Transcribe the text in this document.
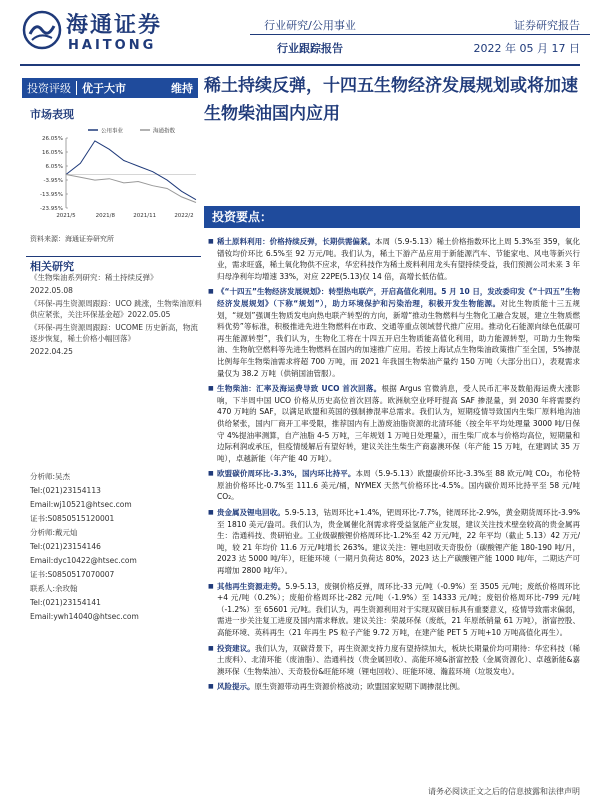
海通证券
HAITONG
行业研究/公用事业
行业跟踪报告
证券研究报告
2022 年 05 月 17 日
投资评级	优于大市	维持 稀土持续反弹，十四五生物经济发展规划或将加速生物柴油国内应用
市场表现
公用事业	海通指数
26.05%
16.05%
6.05%
-3.95%
-13.95%
-23.95%
2021/5	2021/8	2021/11	2022/2
资料来源：海通证券研究所
相关研究

《生物柴油系列研究：稀土持续反弹》

2022.05.08

《环保-再生资源周跟踪：UCO 跳涨，生物柴油原料供应紧张，关注环保基金超》2022.05.05

《环保-再生资源周跟踪：UCOME 历史新高，物流逐步恢复，稀土价格小幅回落》

2022.04.25

分析师:吴杰
Tel:(021)23154113
Email:wj10521@htsec.com
证书:S0850515120001
分析师:戴元灿
Tel:(021)23154146
Email:dyc10422@htsec.com
证书:S0850517070007
联系人:余玫翰
Tel:(021)23154141
Email:ywh14040@htsec.com
投资要点：
■ 稀土原料利用：价格持续反弹，长期供需偏紧。本周（5.9-5.13）稀土价格指数环比上周 5.3%至 359，氧化镨钕均价环比 6.5%至 92 万元/吨。我们认为，稀土下游产品应用于新能源汽车、节能家电、风电等新兴行业，需求旺盛，稀土氧化物供不应求，华宏科技作为稀土废料利用龙头有望持续受益，我们预测公司未来 3 年归母净利年均增速 33%，对应 22PE(5.13)仅 14 倍，高增长低估值。
■ 《“十四五”生物经济发展规划》：转型热电联产，开启高值化利用。5 月 10 日，发改委印发《“十四五”生物经济发展规划》（下称“规划”），助力环境保护和污染治理，积极开发生物能源。对比生物质能十三五规划，“规划”强调生物质发电向热电联产转型的方向，新增“推动生物燃料与生物化工融合发展，建立生物质燃料优势”等标准，积极推进先进生物燃料在市政、交通等重点领域替代推广应用。推动化石能源向绿色低碳可再生能源转型”，我们认为，生物化工将在十四五开启生物质能高值化利用，助力能源转型，可助力生物柴油、生物航空燃料等先进生物燃料在国内的加速推广应用。若按上海试点生物柴油政策推广至全国，5%掺混比例每年生物柴油需求将超 700 万吨，而 2021 年我国生物柴油产量约 150 万吨（大部分出口），表观需求量仅为 38.2 万吨（供销国油管服）。
■ 生物柴油：汇率及海运费导致 UCO 首次回落。根据 Argus 官微消息，受人民币汇率及数船海运费大涨影响，下半周中国 UCO 价格从历史高位首次回落。欧洲航空业呼吁提高 SAF 掺混量，到 2030 年将需要约 470 万吨的 SAF，以满足欧盟和英国的强制掺混率总需求。我们认为，短期疫情导致国内生柴厂原料地沟油供给紧张，国内厂商开工率受限，推荐国内有上游废油脂资源的北清环能（按全年平均处理量 3000 吨/日保守 4%提油率测算，自产油脂 4-5 万吨，三年规划 1 万吨日处理量），而生柴厂成本与价格均高位，短期量和边际利润或承压，但疫情缓解后有望好转，建议关注生柴生产商嘉澳环保（年产能 15 万吨，在建调试 35 万吨），卓越新能（年产能 40 万吨）。
■ 欧盟碳价周环比-3.3%，国内环比持平。本周（5.9-5.13）欧盟碳价环比-3.3%至 88 欧元/吨 CO₂，布伦特原油价格环比-0.7%至 111.6 美元/桶，NYMEX 天然气价格环比-4.5%。国内碳价周环比持平至 58 元/吨 CO₂。
■ 贵金属及锂电回收。5.9-5.13，钴周环比+1.4%，钯周环比-7.7%，铑周环比-2.9%，黄金期货周环比-3.9%至 1810 美元/盎司。我们认为，贵金属催化剂需求将受益氢能产业发展，建议关注技术壁垒较高的贵金属再生：浩通科技、贵研铂业。工业级碳酸锂价格周环比-1.2%至 42 万元/吨，22 年平均（截止 5.13）42 万元/吨，较 21 年均价 11.6 万元/吨增长 263%。建议关注：锂电回收天奇股份（碳酸锂产能 180-190 吨/月，2023 达 5000 吨/年），旺能环境（一期月负荷达 80%，2023 达上产碳酸锂产能 1000 吨/年，二期达产可再增加 2800 吨/年）。
■ 其他再生资源走势。5.9-5.13，废铜价格反弹，周环比-33 元/吨（-0.9%）至 3505 元/吨；废纸价格周环比+4 元/吨（0.2%）；废船价格周环比-282 元/吨（-1.9%）至 14333 元/吨；废铝价格周环比-799 元/吨（-1.2%）至 65601 元/吨。我们认为，再生资源利用对于实现双碳目标具有重要意义，疫情导致需求偏弱，需进一步关注复工进度及国内需求释放。建议关注：荣晟环保（废纸，21 年原纸销量 61 万吨），浙富控股、高能环境、英科再生（21 年再生 PS 粒子产能 9.72 万吨，在建产能 PET 5 万吨+10 万吨高值化再生）。
■ 投资建议。我们认为，双碳背景下，再生资源支持力度有望持续加大，板块长期量价均可期待：华宏科技（稀土废料）、北清环能（废油脂）、浩通科技（贵金属回收）、高能环境&浙富控股（金属资源化）、卓越新能&嘉澳环保（生物柴油）、天奇股份&旺能环境（锂电回收）、旺能环境、瀚蓝环境（垃圾发电）。
■ 风险提示。原生资源带动再生资源价格波动；欧盟国家短期下调掺混比例。
请务必阅读正文之后的信息披露和法律声明
